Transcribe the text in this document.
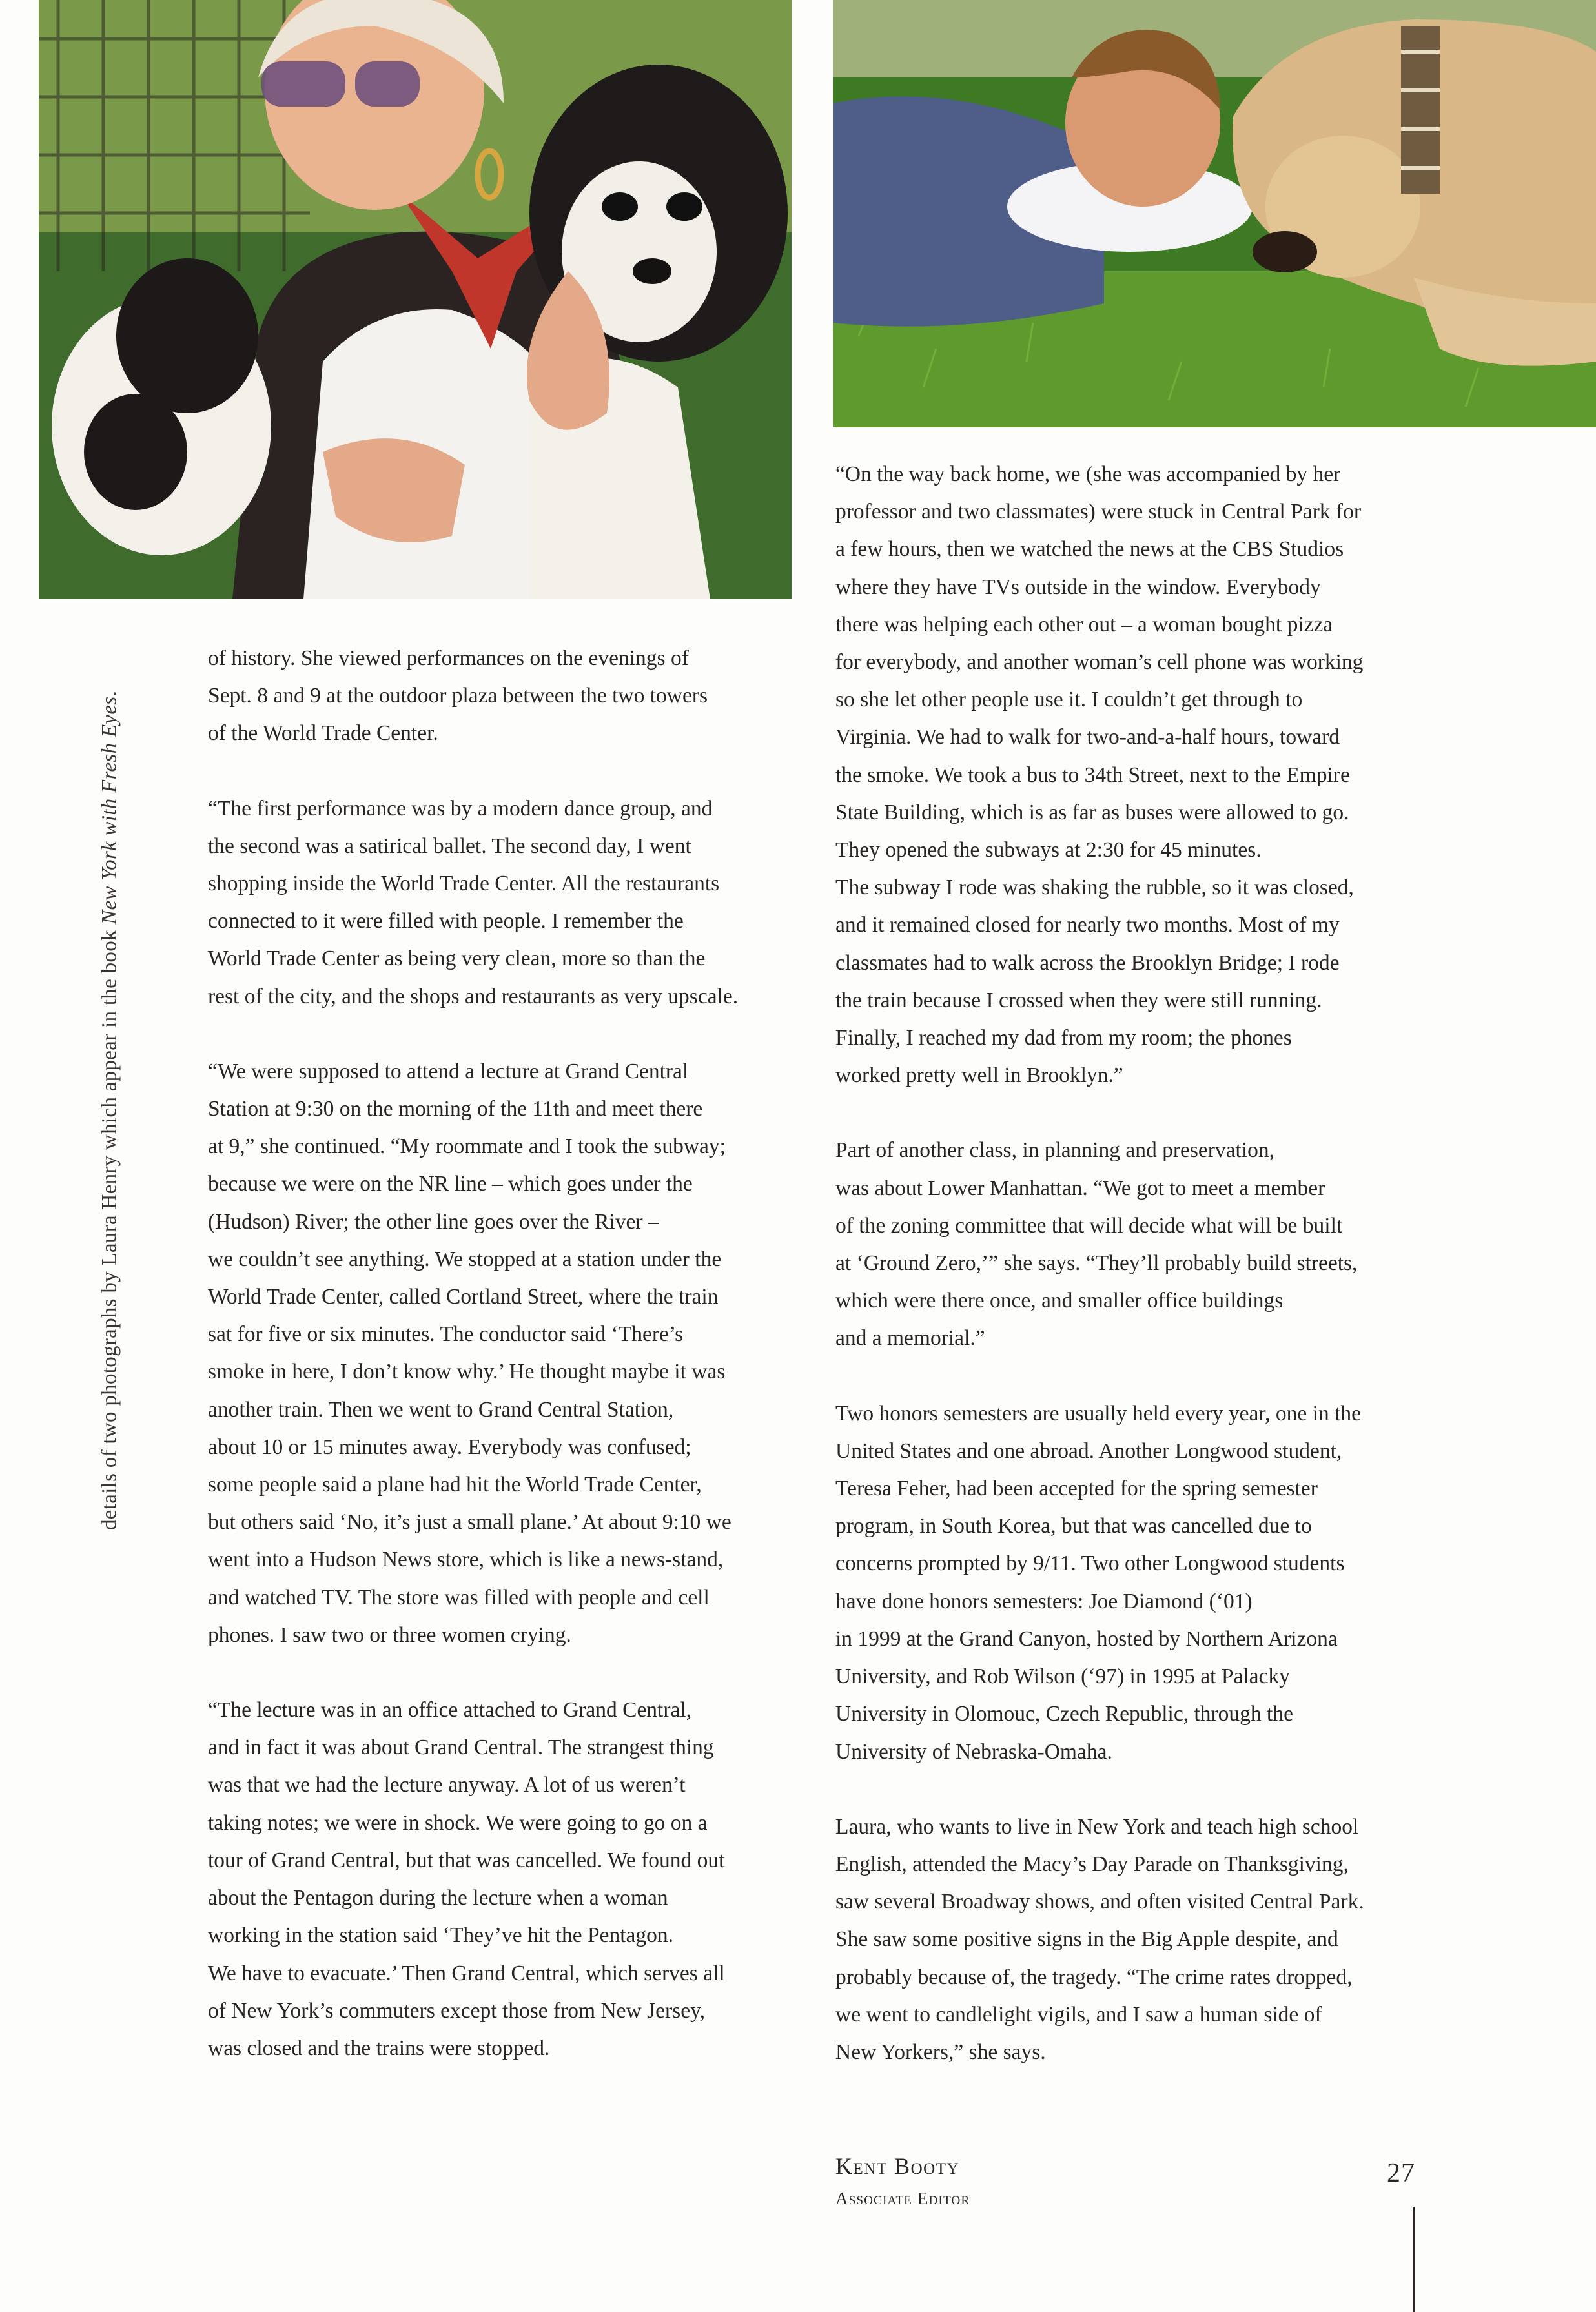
details of two photographs by Laura Henry which appear in the book New York with Fresh Eyes.

of history. She viewed performances on the evenings of
Sept. 8 and 9 at the outdoor plaza between the two towers
of the World Trade Center.

“The first performance was by a modern dance group, and
the second was a satirical ballet. The second day, I went
shopping inside the World Trade Center. All the restaurants
connected to it were filled with people. I remember the
World Trade Center as being very clean, more so than the
rest of the city, and the shops and restaurants as very upscale.

“We were supposed to attend a lecture at Grand Central
Station at 9:30 on the morning of the 11th and meet there
at 9,” she continued. “My roommate and I took the subway;
because we were on the NR line – which goes under the
(Hudson) River; the other line goes over the River –
we couldn’t see anything. We stopped at a station under the
World Trade Center, called Cortland Street, where the train
sat for five or six minutes. The conductor said ‘There’s
smoke in here, I don’t know why.’ He thought maybe it was
another train. Then we went to Grand Central Station,
about 10 or 15 minutes away. Everybody was confused;
some people said a plane had hit the World Trade Center,
but others said ‘No, it’s just a small plane.’ At about 9:10 we
went into a Hudson News store, which is like a news-stand,
and watched TV. The store was filled with people and cell
phones. I saw two or three women crying.

“The lecture was in an office attached to Grand Central,
and in fact it was about Grand Central. The strangest thing
was that we had the lecture anyway. A lot of us weren’t
taking notes; we were in shock. We were going to go on a
tour of Grand Central, but that was cancelled. We found out
about the Pentagon during the lecture when a woman
working in the station said ‘They’ve hit the Pentagon.
We have to evacuate.’ Then Grand Central, which serves all
of New York’s commuters except those from New Jersey,
was closed and the trains were stopped.

“On the way back home, we (she was accompanied by her
professor and two classmates) were stuck in Central Park for
a few hours, then we watched the news at the CBS Studios
where they have TVs outside in the window. Everybody
there was helping each other out – a woman bought pizza
for everybody, and another woman’s cell phone was working
so she let other people use it. I couldn’t get through to
Virginia. We had to walk for two-and-a-half hours, toward
the smoke. We took a bus to 34th Street, next to the Empire
State Building, which is as far as buses were allowed to go.
They opened the subways at 2:30 for 45 minutes.
The subway I rode was shaking the rubble, so it was closed,
and it remained closed for nearly two months. Most of my
classmates had to walk across the Brooklyn Bridge; I rode
the train because I crossed when they were still running.
Finally, I reached my dad from my room; the phones
worked pretty well in Brooklyn.”

Part of another class, in planning and preservation,
was about Lower Manhattan. “We got to meet a member
of the zoning committee that will decide what will be built
at ‘Ground Zero,’” she says. “They’ll probably build streets,
which were there once, and smaller office buildings
and a memorial.”

Two honors semesters are usually held every year, one in the
United States and one abroad. Another Longwood student,
Teresa Feher, had been accepted for the spring semester
program, in South Korea, but that was cancelled due to
concerns prompted by 9/11. Two other Longwood students
have done honors semesters: Joe Diamond (‘01)
in 1999 at the Grand Canyon, hosted by Northern Arizona
University, and Rob Wilson (‘97) in 1995 at Palacky
University in Olomouc, Czech Republic, through the
University of Nebraska-Omaha.

Laura, who wants to live in New York and teach high school
English, attended the Macy’s Day Parade on Thanksgiving,
saw several Broadway shows, and often visited Central Park.
She saw some positive signs in the Big Apple despite, and
probably because of, the tragedy. “The crime rates dropped,
we went to candlelight vigils, and I saw a human side of
New Yorkers,” she says.

Kent Booty
Associate Editor
27
